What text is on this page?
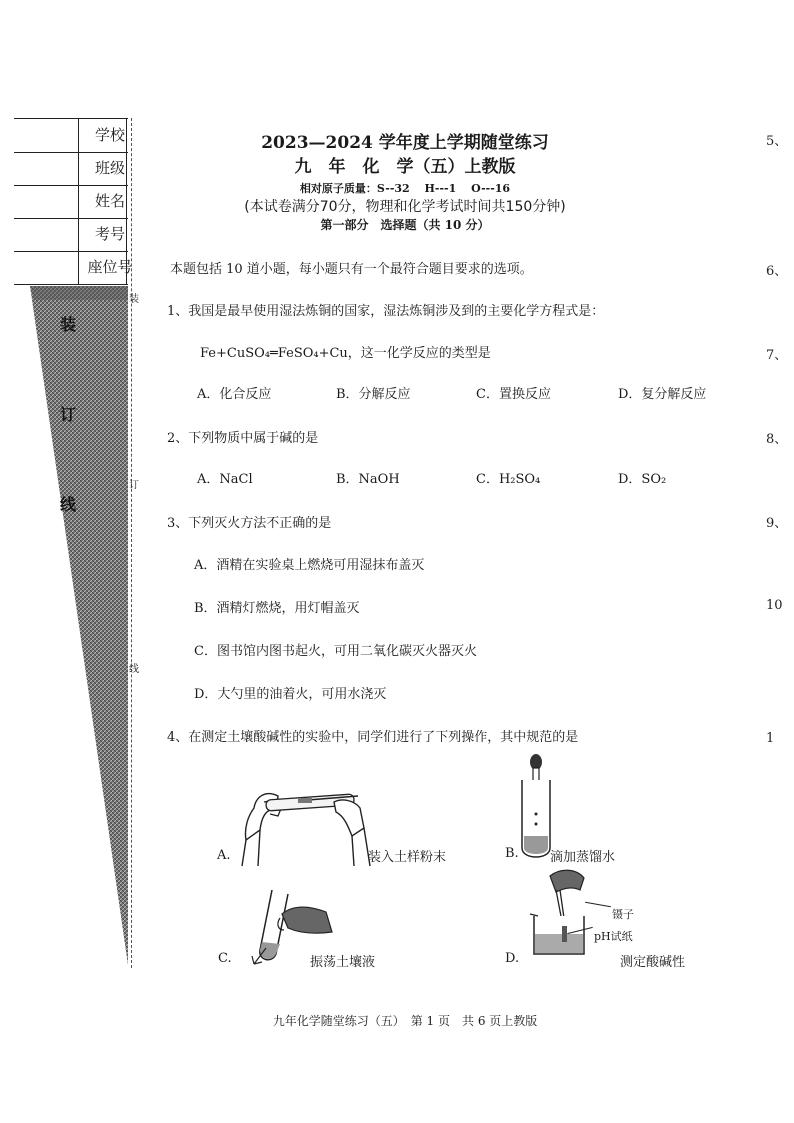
学校
班级
姓名
考号
座位号
装
订
线
装
订
线
2023—2024 学年度上学期随堂练习
九　年　化　学（五）上教版
相对原子质量：S--32　 H---1　 O---16
(本试卷满分70分，物理和化学考试时间共150分钟)
第一部分　选择题（共 10 分）
本题包括 10 道小题，每小题只有一个最符合题目要求的选项。
1、我国是最早使用湿法炼铜的国家，湿法炼铜涉及到的主要化学方程式是：
Fe+CuSO₄═FeSO₄+Cu，这一化学反应的类型是
A．化合反应	B．分解反应	C．置换反应	D．复分解反应
2、下列物质中属于碱的是
A．NaCl	B．NaOH	C．H₂SO₄	D．SO₂
3、下列灭火方法不正确的是
A．酒精在实验桌上燃烧可用湿抹布盖灭
B．酒精灯燃烧，用灯帽盖灭
C．图书馆内图书起火，可用二氧化碳灭火器灭火
D．大勺里的油着火，可用水浇灭
4、在测定土壤酸碱性的实验中，同学们进行了下列操作，其中规范的是
A.	装入土样粉末	B. 滴加蒸馏水
C.	振荡土壤液	D.	测定酸碱性
镊子
pH试纸
5、
6、
7、
8、
9、
10
1
九年化学随堂练习（五）　第 1 页　共 6 页上教版
